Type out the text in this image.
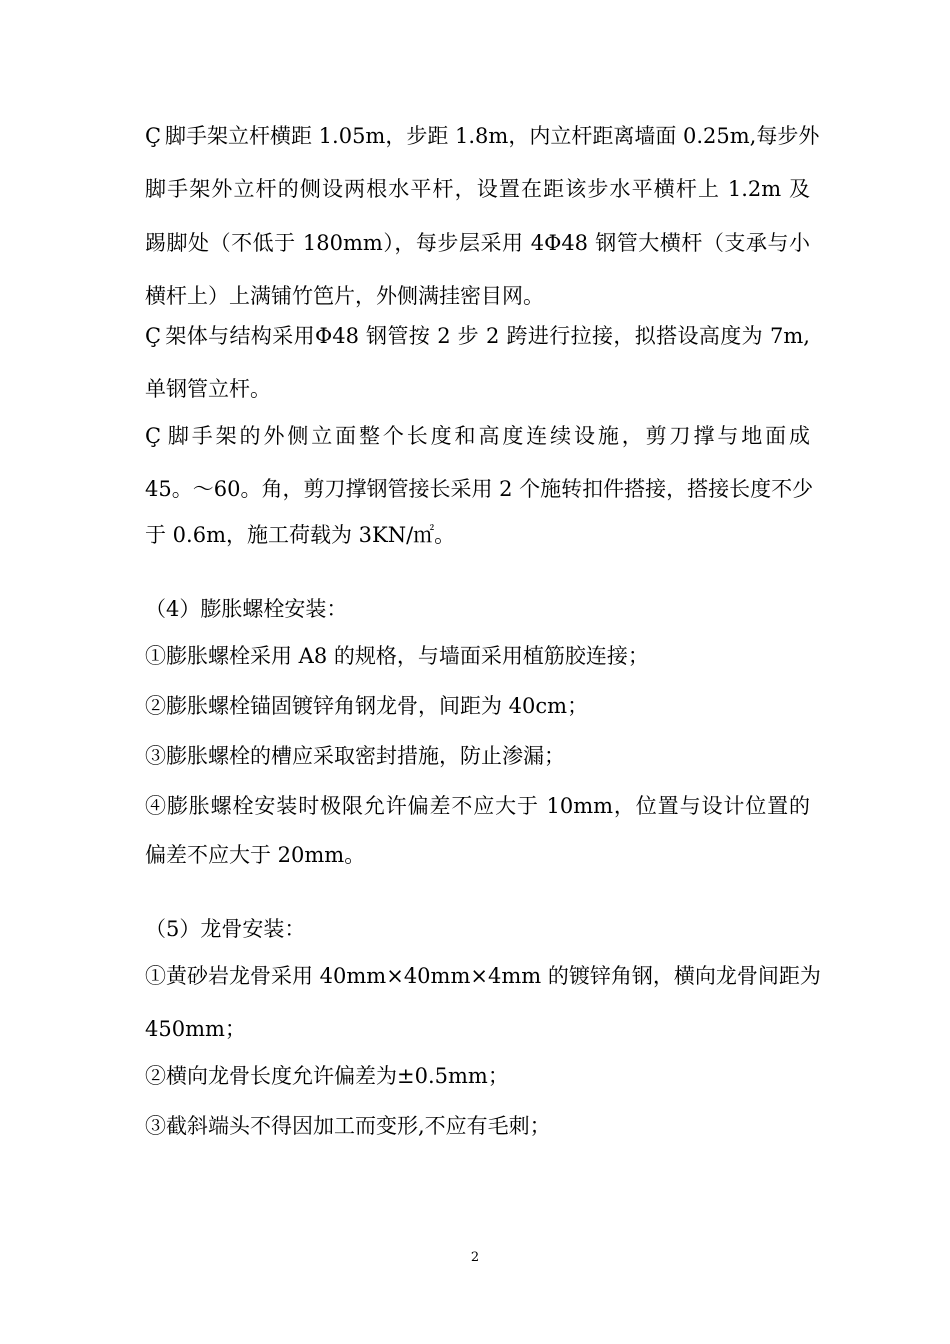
Ç 脚手架立杆横距 1.05m，步距 1.8m，内立杆距离墙面 0.25m,每步外
脚手架外立杆的侧设两根水平杆，设置在距该步水平横杆上 1.2m 及
踢脚处（不低于 180mm），每步层采用 4Φ48 钢管大横杆（支承与小
横杆上）上满铺竹笆片，外侧满挂密目网。
Ç 架体与结构采用Φ48 钢管按 2 步 2 跨进行拉接，拟搭设高度为 7m,
单钢管立杆。
Ç 脚手架的外侧立面整个长度和高度连续设施，剪刀撑与地面成
45。～60。角，剪刀撑钢管接长采用 2 个施转扣件搭接，搭接长度不少
于 0.6m，施工荷载为 3KN/㎡。
（4）膨胀螺栓安装：
①膨胀螺栓采用 A8 的规格，与墙面采用植筋胶连接；
②膨胀螺栓锚固镀锌角钢龙骨，间距为 40cm；
③膨胀螺栓的槽应采取密封措施，防止渗漏；
④膨胀螺栓安装时极限允许偏差不应大于 10mm，位置与设计位置的
偏差不应大于 20mm。
（5）龙骨安装：
①黄砂岩龙骨采用 40mm×40mm×4mm 的镀锌角钢，横向龙骨间距为
450mm；
②横向龙骨长度允许偏差为±0.5mm；
③截斜端头不得因加工而变形,不应有毛刺；
2
